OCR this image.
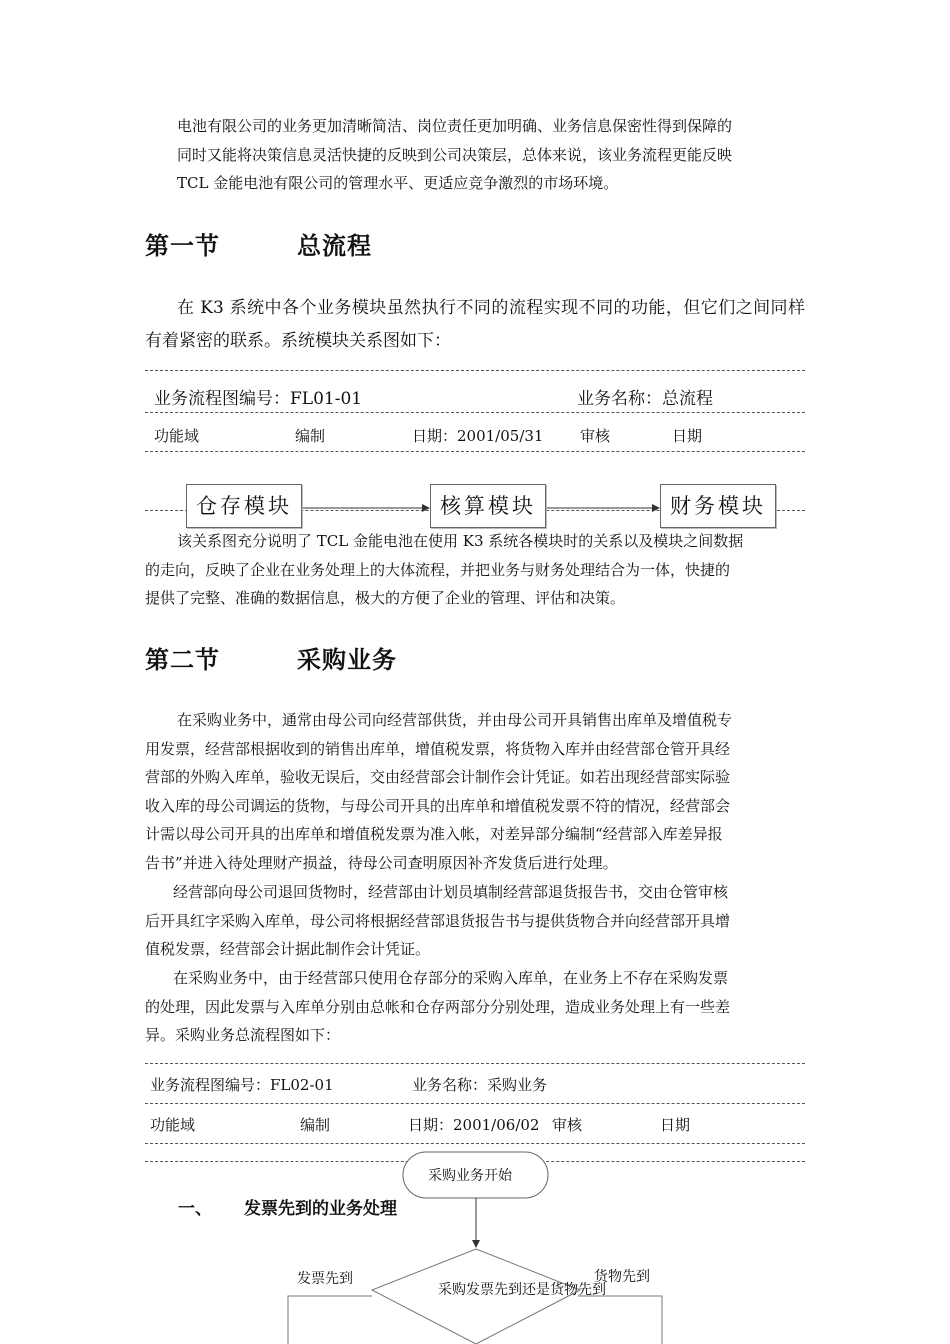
电池有限公司的业务更加清晰简洁、岗位责任更加明确、业务信息保密性得到保障的
同时又能将决策信息灵活快捷的反映到公司决策层，总体来说，该业务流程更能反映
TCL 金能电池有限公司的管理水平、更适应竞争激烈的市场环境。
第一节	总流程

在 K3 系统中各个业务模块虽然执行不同的流程实现不同的功能，但它们之间同样有着紧密的联系。系统模块关系图如下：

业务流程图编号：FL01-01	业务名称：总流程
功能域	编制	日期：2001/05/31 审核	日期
该关系图充分说明了 TCL 金能电池在使用 K3 系统各模块时的关系以及模块之间数据
的走向，反映了企业在业务处理上的大体流程，并把业务与财务处理结合为一体，快捷的
提供了完整、准确的数据信息，极大的方便了企业的管理、评估和决策。
仓存模块	核算模块	财务模块
第二节	采购业务
在采购业务中，通常由母公司向经营部供货，并由母公司开具销售出库单及增值税专
用发票，经营部根据收到的销售出库单，增值税发票，将货物入库并由经营部仓管开具经
营部的外购入库单，验收无误后，交由经营部会计制作会计凭证。如若出现经营部实际验
收入库的母公司调运的货物，与母公司开具的出库单和增值税发票不符的情况，经营部会
计需以母公司开具的出库单和增值税发票为准入帐，对差异部分编制“经营部入库差异报
告书”并进入待处理财产损益，待母公司查明原因补齐发货后进行处理。
经营部向母公司退回货物时，经营部由计划员填制经营部退货报告书，交由仓管审核
后开具红字采购入库单，母公司将根据经营部退货报告书与提供货物合并向经营部开具增
值税发票，经营部会计据此制作会计凭证。
在采购业务中，由于经营部只使用仓存部分的采购入库单，在业务上不存在采购发票
的处理，因此发票与入库单分别由总帐和仓存两部分分别处理，造成业务处理上有一些差
异。采购业务总流程图如下：
业务流程图编号：FL02-01	业务名称：采购业务
功能域	编制	日期：2001/06/02 审核	日期
采购业务开始
采购发票先到还是货物先到
发票先到	货物先到
一、 发票先到的业务处理
